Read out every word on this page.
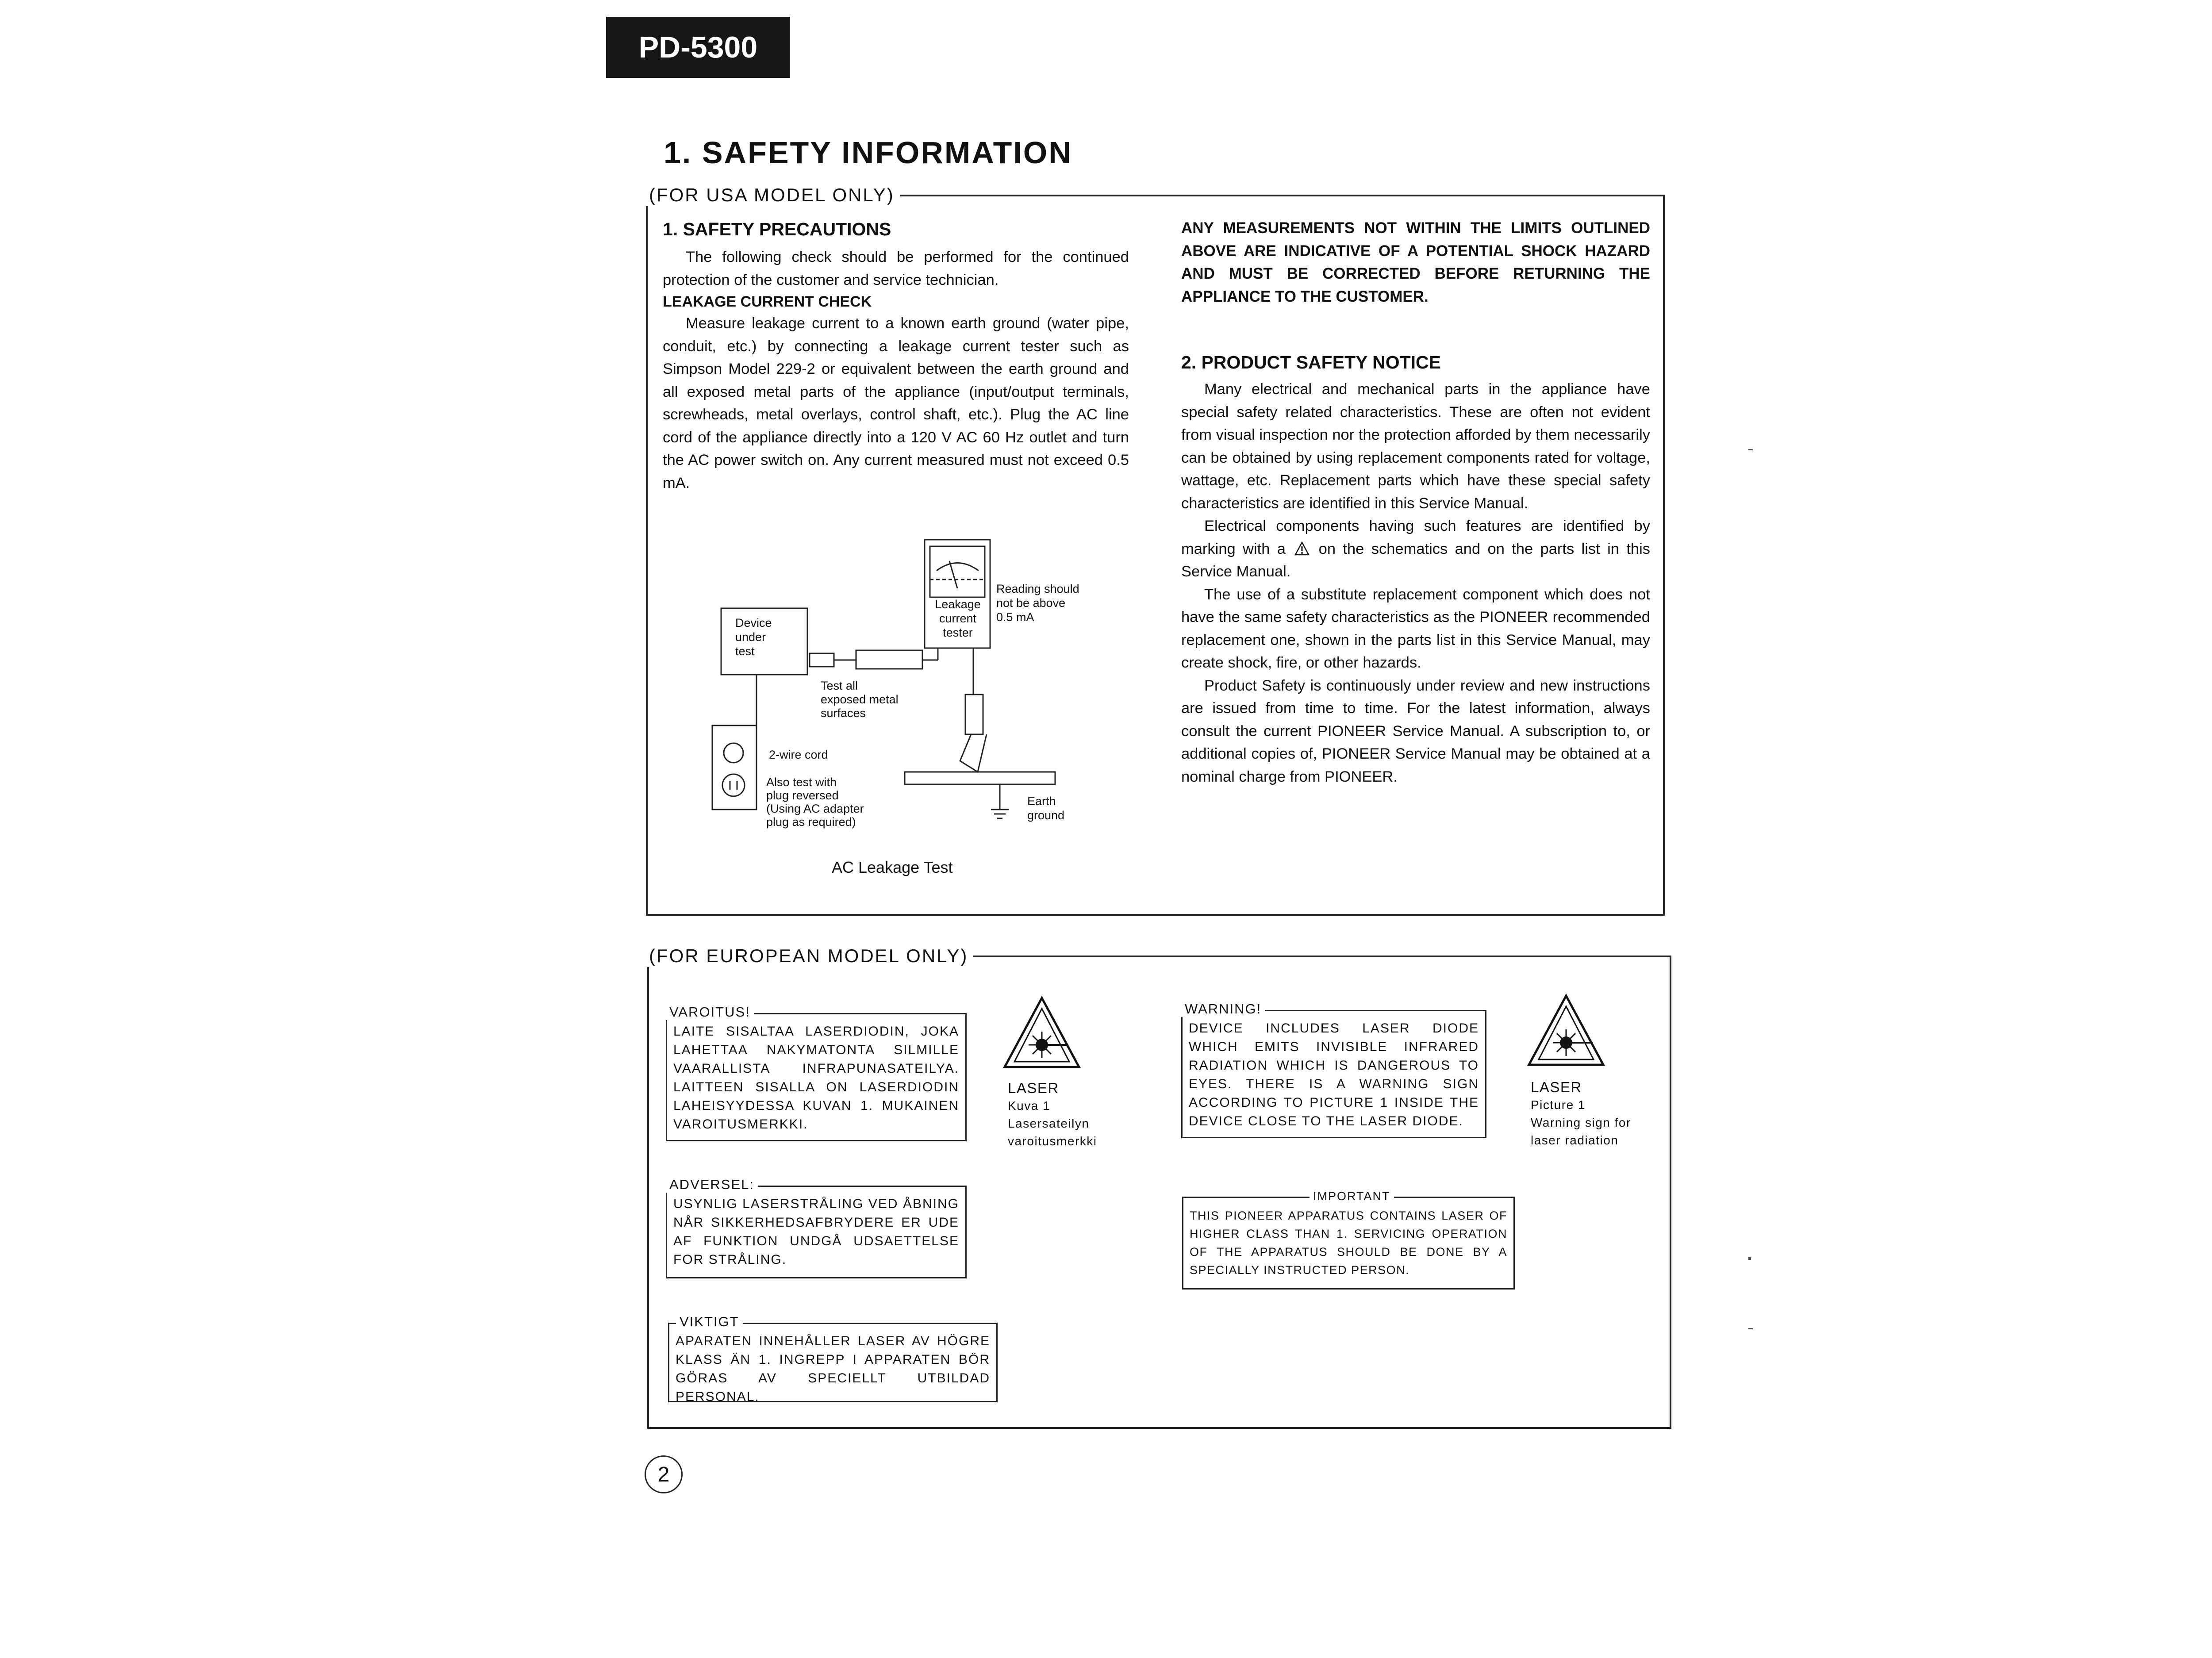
PD-5300
1. SAFETY INFORMATION
(FOR USA MODEL ONLY)
1. SAFETY PRECAUTIONS

The following check should be performed for the continued protection of the customer and service technician.

LEAKAGE CURRENT CHECK

Measure leakage current to a known earth ground (water pipe, conduit, etc.) by connecting a leakage current tester such as Simpson Model 229-2 or equivalent between the earth ground and all exposed metal parts of the appliance (input/output terminals, screwheads, metal overlays, control shaft, etc.). Plug the AC line cord of the appliance directly into a 120 V AC 60 Hz outlet and turn the AC power switch on. Any current measured must not exceed 0.5 mA.

Device
under
test
Leakage
current
tester
Reading should
not be above
0.5 mA
Test all
exposed metal
surfaces
2-wire cord
Also test with
plug reversed
(Using AC adapter
plug as required)
Earth
ground
AC Leakage Test

ANY MEASUREMENTS NOT WITHIN THE LIMITS OUTLINED ABOVE ARE INDICATIVE OF A POTENTIAL SHOCK HAZARD AND MUST BE CORRECTED BEFORE RETURNING THE APPLIANCE TO THE CUSTOMER.

2. PRODUCT SAFETY NOTICE

Many electrical and mechanical parts in the appliance have special safety related characteristics. These are often not evident from visual inspection nor the protection afforded by them necessarily can be obtained by using replacement components rated for voltage, wattage, etc. Replacement parts which have these special safety characteristics are identified in this Service Manual.

Electrical components having such features are identified by marking with a on the schematics and on the parts list in this Service Manual.

The use of a substitute replacement component which does not have the same safety characteristics as the PIONEER recommended replacement one, shown in the parts list in this Service Manual, may create shock, fire, or other hazards.

Product Safety is continuously under review and new instructions are issued from time to time. For the latest information, always consult the current PIONEER Service Manual. A subscription to, or additional copies of, PIONEER Service Manual may be obtained at a nominal charge from PIONEER.

(FOR EUROPEAN MODEL ONLY)

LAITE SISALTAA LASERDIODIN, JOKA LAHETTAA NAKYMATONTA SILMILLE VAARALLISTA INFRAPUNASATEILYA. LAITTEEN SISALLA ON LASERDIODIN LAHEISYYDESSA KUVAN 1. MUKAINEN VAROITUSMERKKI.

VAROITUS!
LASER
Kuva 1
Lasersateilyn
varoitusmerkki

USYNLIG LASERSTRÅLING VED ÅBNING NÅR SIKKERHEDSAFBRYDERE ER UDE AF FUNKTION UNDGÅ UDSAETTELSE FOR STRÅLING.

ADVERSEL:

APARATEN INNEHÅLLER LASER AV HÖGRE KLASS ÄN 1. INGREPP I APPARATEN BÖR GÖRAS AV SPECIELLT UTBILDAD PERSONAL.

VIKTIGT

DEVICE INCLUDES LASER DIODE WHICH EMITS INVISIBLE INFRARED RADIATION WHICH IS DANGEROUS TO EYES. THERE IS A WARNING SIGN ACCORDING TO PICTURE 1 INSIDE THE DEVICE CLOSE TO THE LASER DIODE.

WARNING!
LASER
Picture 1
Warning sign for
laser radiation

THIS PIONEER APPARATUS CONTAINS LASER OF HIGHER CLASS THAN 1. SERVICING OPERATION OF THE APPARATUS SHOULD BE DONE BY A SPECIALLY INSTRUCTED PERSON.

IMPORTANT
2
